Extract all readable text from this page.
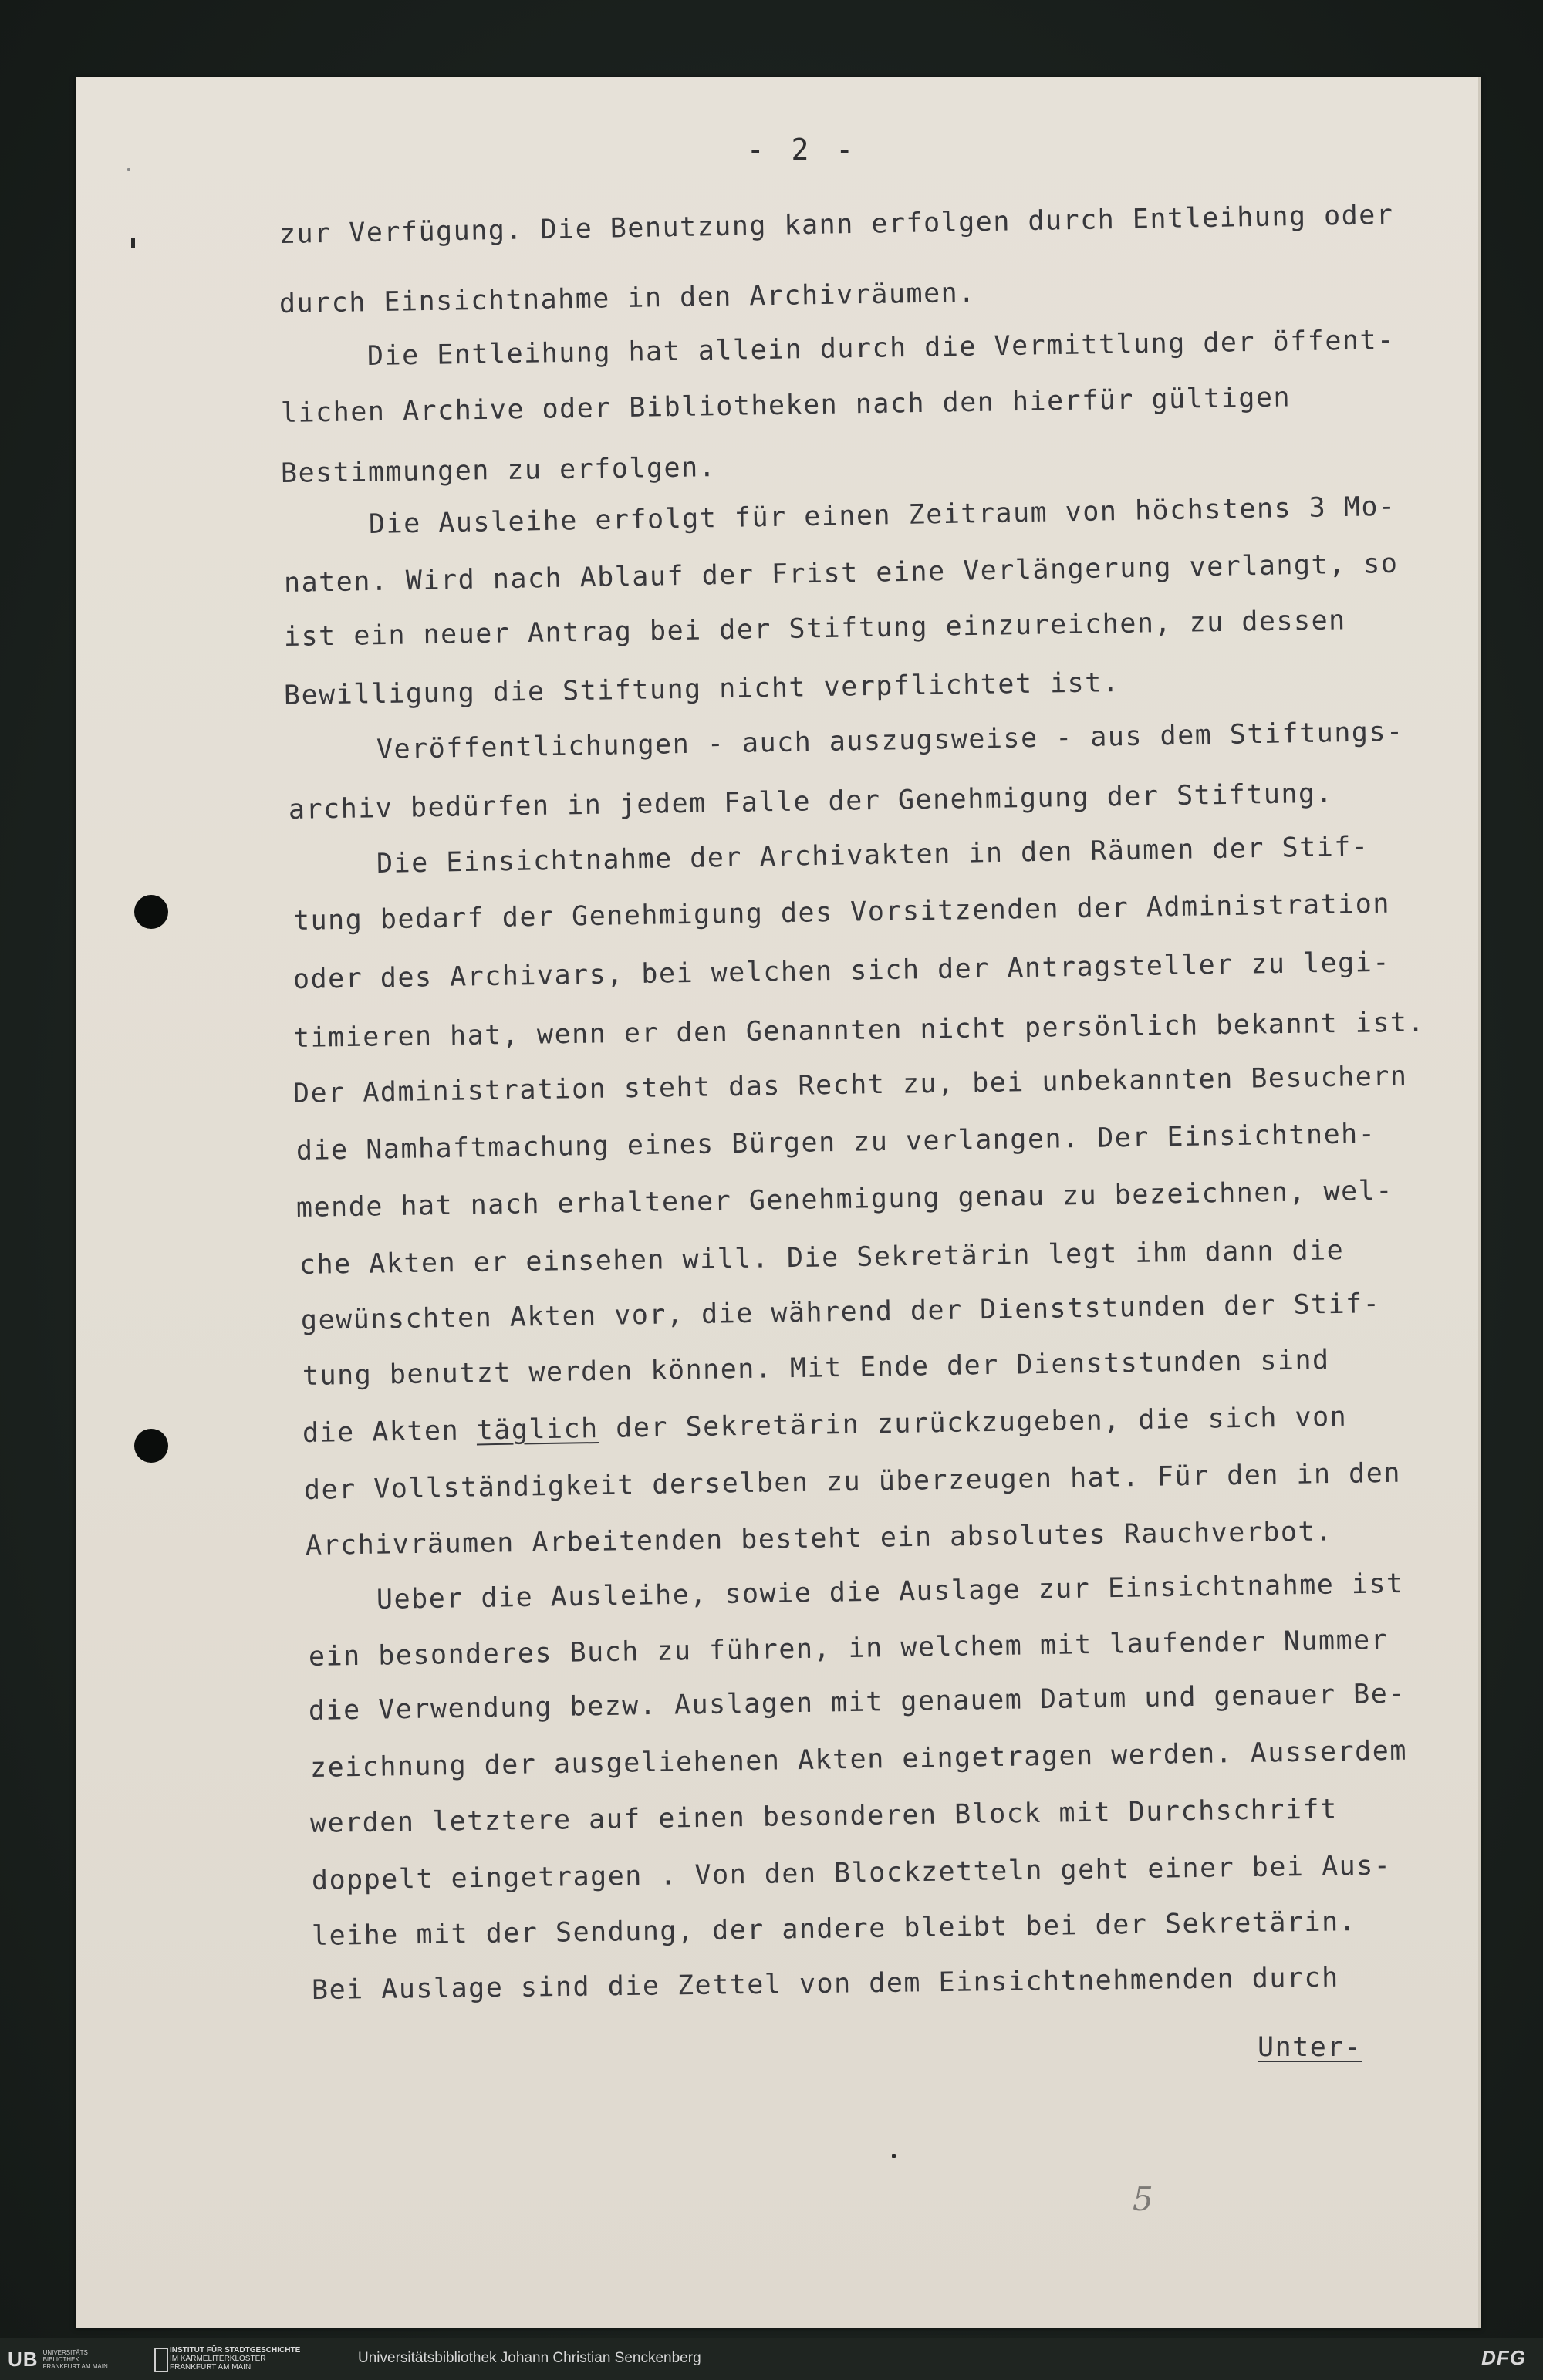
- 2 -
zur Verfügung. Die Benutzung kann erfolgen durch Entleihung oder
durch Einsichtnahme in den Archivräumen.
Die Entleihung hat allein durch die Vermittlung der öffent-
lichen Archive oder Bibliotheken nach den hierfür gültigen
Bestimmungen zu erfolgen.
Die Ausleihe erfolgt für einen Zeitraum von höchstens 3 Mo-
naten. Wird nach Ablauf der Frist eine Verlängerung verlangt, so
ist ein neuer Antrag bei der Stiftung einzureichen, zu dessen
Bewilligung die Stiftung nicht verpflichtet ist.
Veröffentlichungen - auch auszugsweise - aus dem Stiftungs-
archiv bedürfen in jedem Falle der Genehmigung der Stiftung.
Die Einsichtnahme der Archivakten in den Räumen der Stif-
tung bedarf der Genehmigung des Vorsitzenden der Administration
oder des Archivars, bei welchen sich der Antragsteller zu legi-
timieren hat, wenn er den Genannten nicht persönlich bekannt ist.
Der Administration steht das Recht zu, bei unbekannten Besuchern
die Namhaftmachung eines Bürgen zu verlangen. Der Einsichtneh-
mende hat nach erhaltener Genehmigung genau zu bezeichnen, wel-
che Akten er einsehen will. Die Sekretärin legt ihm dann die
gewünschten Akten vor, die während der Dienststunden der Stif-
tung benutzt werden können. Mit Ende der Dienststunden sind
die Akten täglich der Sekretärin zurückzugeben, die sich von
der Vollständigkeit derselben zu überzeugen hat. Für den in den
Archivräumen Arbeitenden besteht ein absolutes Rauchverbot.
Ueber die Ausleihe, sowie die Auslage zur Einsichtnahme ist
ein besonderes Buch zu führen, in welchem mit laufender Nummer
die Verwendung bezw. Auslagen mit genauem Datum und genauer Be-
zeichnung der ausgeliehenen Akten eingetragen werden. Ausserdem
werden letztere auf einen besonderen Block mit Durchschrift
doppelt eingetragen . Von den Blockzetteln geht einer bei Aus-
leihe mit der Sendung, der andere bleibt bei der Sekretärin.
Bei Auslage sind die Zettel von dem Einsichtnehmenden durch
Unter-
5
UB UNIVERSITÄTS BIBLIOTHEK FRANKFURT AM MAIN
INSTITUT FÜR STADTGESCHICHTE
IM KARMELITERKLOSTER FRANKFURT AM MAIN
Universitätsbibliothek Johann Christian Senckenberg	DFG
